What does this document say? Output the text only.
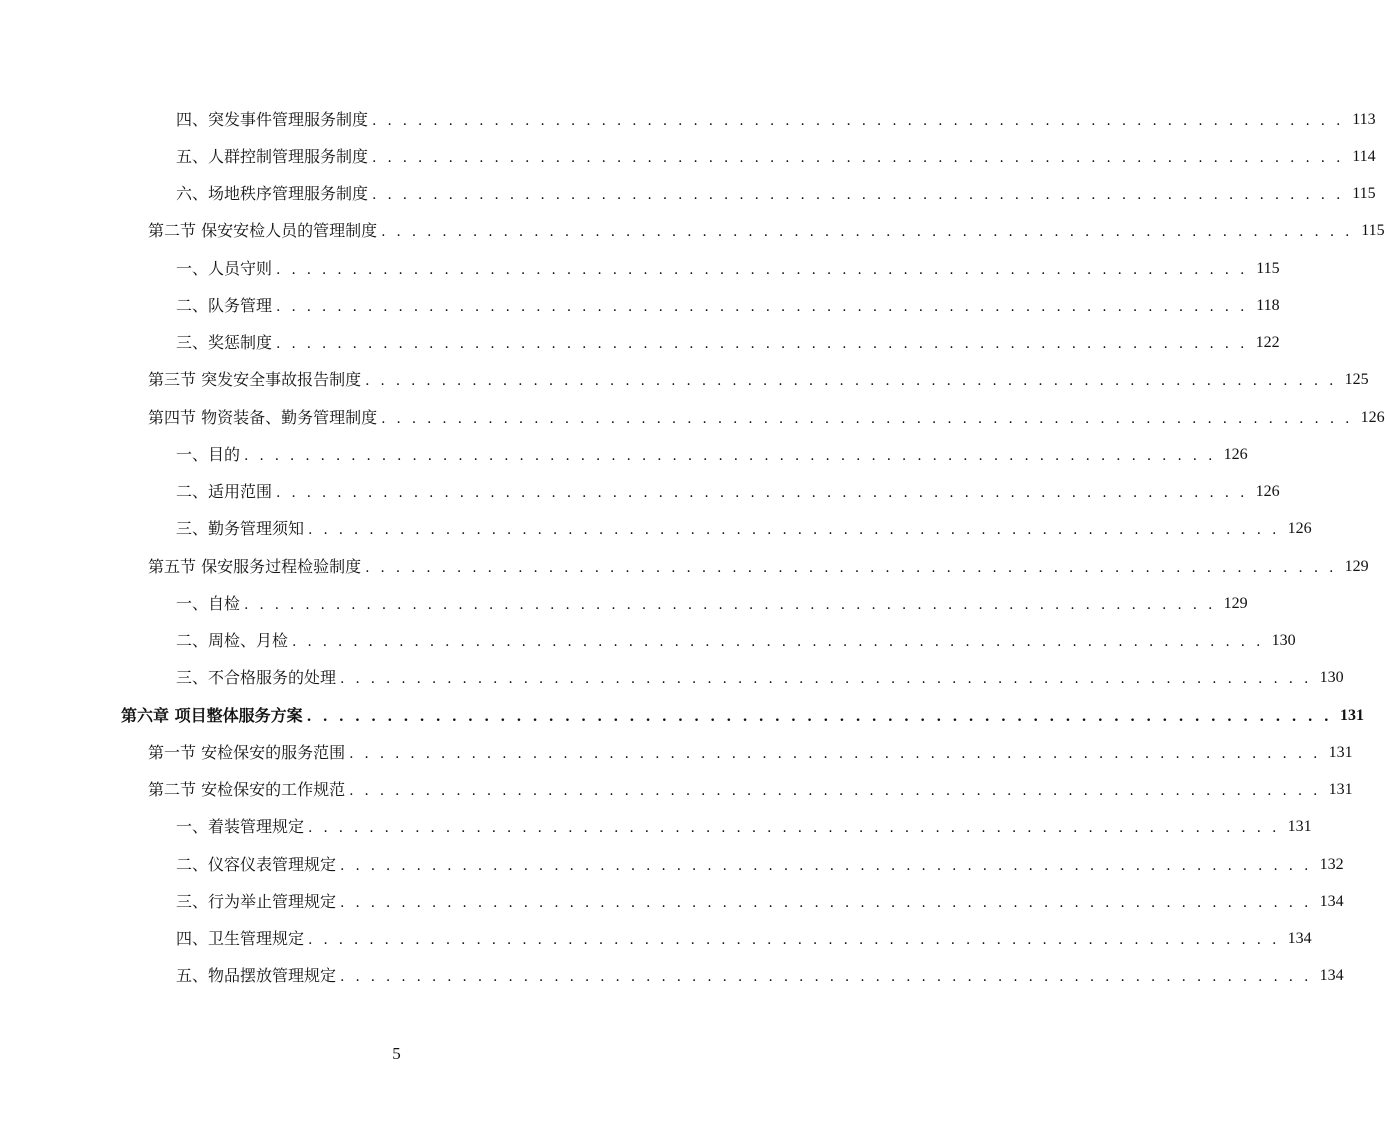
四、突发事件管理服务制度 . . . . . . . . . . . . . . . . . . . . . . . . . . . . . . . . . . . . . . . . . . . . . . . . . . . . . . . . . . . . . . . . 113
五、人群控制管理服务制度 . . . . . . . . . . . . . . . . . . . . . . . . . . . . . . . . . . . . . . . . . . . . . . . . . . . . . . . . . . . . . . . . 114
六、场地秩序管理服务制度 . . . . . . . . . . . . . . . . . . . . . . . . . . . . . . . . . . . . . . . . . . . . . . . . . . . . . . . . . . . . . . . . 115
第二节 保安安检人员的管理制度 . . . . . . . . . . . . . . . . . . . . . . . . . . . . . . . . . . . . . . . . . . . . . . . . . . . . . . . . . . . . . . . . 115
一、人员守则 . . . . . . . . . . . . . . . . . . . . . . . . . . . . . . . . . . . . . . . . . . . . . . . . . . . . . . . . . . . . . . . . 115
二、队务管理 . . . . . . . . . . . . . . . . . . . . . . . . . . . . . . . . . . . . . . . . . . . . . . . . . . . . . . . . . . . . . . . . 118
三、奖惩制度 . . . . . . . . . . . . . . . . . . . . . . . . . . . . . . . . . . . . . . . . . . . . . . . . . . . . . . . . . . . . . . . . 122
第三节 突发安全事故报告制度 . . . . . . . . . . . . . . . . . . . . . . . . . . . . . . . . . . . . . . . . . . . . . . . . . . . . . . . . . . . . . . . . 125
第四节 物资装备、勤务管理制度 . . . . . . . . . . . . . . . . . . . . . . . . . . . . . . . . . . . . . . . . . . . . . . . . . . . . . . . . . . . . . . . . 126
一、目的 . . . . . . . . . . . . . . . . . . . . . . . . . . . . . . . . . . . . . . . . . . . . . . . . . . . . . . . . . . . . . . . . 126
二、适用范围 . . . . . . . . . . . . . . . . . . . . . . . . . . . . . . . . . . . . . . . . . . . . . . . . . . . . . . . . . . . . . . . . 126
三、勤务管理须知 . . . . . . . . . . . . . . . . . . . . . . . . . . . . . . . . . . . . . . . . . . . . . . . . . . . . . . . . . . . . . . . . 126
第五节 保安服务过程检验制度 . . . . . . . . . . . . . . . . . . . . . . . . . . . . . . . . . . . . . . . . . . . . . . . . . . . . . . . . . . . . . . . . 129
一、自检 . . . . . . . . . . . . . . . . . . . . . . . . . . . . . . . . . . . . . . . . . . . . . . . . . . . . . . . . . . . . . . . . 129
二、周检、月检 . . . . . . . . . . . . . . . . . . . . . . . . . . . . . . . . . . . . . . . . . . . . . . . . . . . . . . . . . . . . . . . . 130
三、不合格服务的处理 . . . . . . . . . . . . . . . . . . . . . . . . . . . . . . . . . . . . . . . . . . . . . . . . . . . . . . . . . . . . . . . . 130
第六章 项目整体服务方案 . . . . . . . . . . . . . . . . . . . . . . . . . . . . . . . . . . . . . . . . . . . . . . . . . . . . . . . . . . . . . . . . 131
第一节 安检保安的服务范围 . . . . . . . . . . . . . . . . . . . . . . . . . . . . . . . . . . . . . . . . . . . . . . . . . . . . . . . . . . . . . . . . 131
第二节 安检保安的工作规范 . . . . . . . . . . . . . . . . . . . . . . . . . . . . . . . . . . . . . . . . . . . . . . . . . . . . . . . . . . . . . . . . 131
一、着装管理规定 . . . . . . . . . . . . . . . . . . . . . . . . . . . . . . . . . . . . . . . . . . . . . . . . . . . . . . . . . . . . . . . . 131
二、仪容仪表管理规定 . . . . . . . . . . . . . . . . . . . . . . . . . . . . . . . . . . . . . . . . . . . . . . . . . . . . . . . . . . . . . . . . 132
三、行为举止管理规定 . . . . . . . . . . . . . . . . . . . . . . . . . . . . . . . . . . . . . . . . . . . . . . . . . . . . . . . . . . . . . . . . 134
四、卫生管理规定 . . . . . . . . . . . . . . . . . . . . . . . . . . . . . . . . . . . . . . . . . . . . . . . . . . . . . . . . . . . . . . . . 134
五、物品摆放管理规定 . . . . . . . . . . . . . . . . . . . . . . . . . . . . . . . . . . . . . . . . . . . . . . . . . . . . . . . . . . . . . . . . 134
5
